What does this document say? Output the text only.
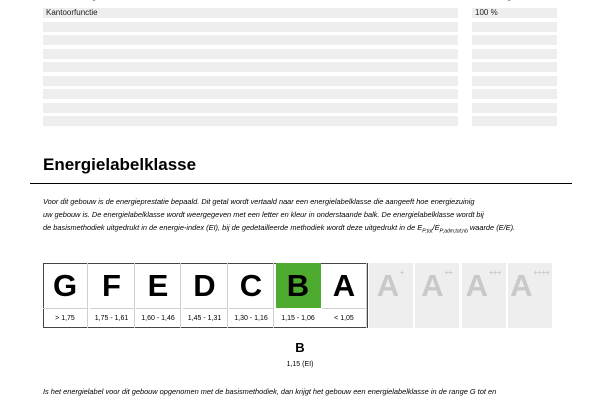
Kantoorfunctie	100 %
Energielabelklasse

Voor dit gebouw is de energieprestatie bepaald. Dit getal wordt vertaald naar een energielabelklasse die aangeeft hoe energiezuinig
uw gebouw is. De energielabelklasse wordt weergegeven met een letter en kleur in onderstaande balk. De energielabelklasse wordt bij
de basismethodiek uitgedrukt in de energie-index (EI), bij de gedetailleerde methodiek wordt deze uitgedrukt in de $E_{P;tot}/E_{P;adm;tot;nb}$ waarde (E/E).

G
> 1,75
F
1,75 - 1,61
E
1,60 - 1,46
D
1,45 - 1,31
C
1,30 - 1,16
B
1,15 - 1,06
A
< 1,05
A + A ++ A +++ A ++++
B
1,15 (EI)

Is het energielabel voor dit gebouw opgenomen met de basismethodiek, dan krijgt het gebouw een energielabelklasse in de range G tot en
